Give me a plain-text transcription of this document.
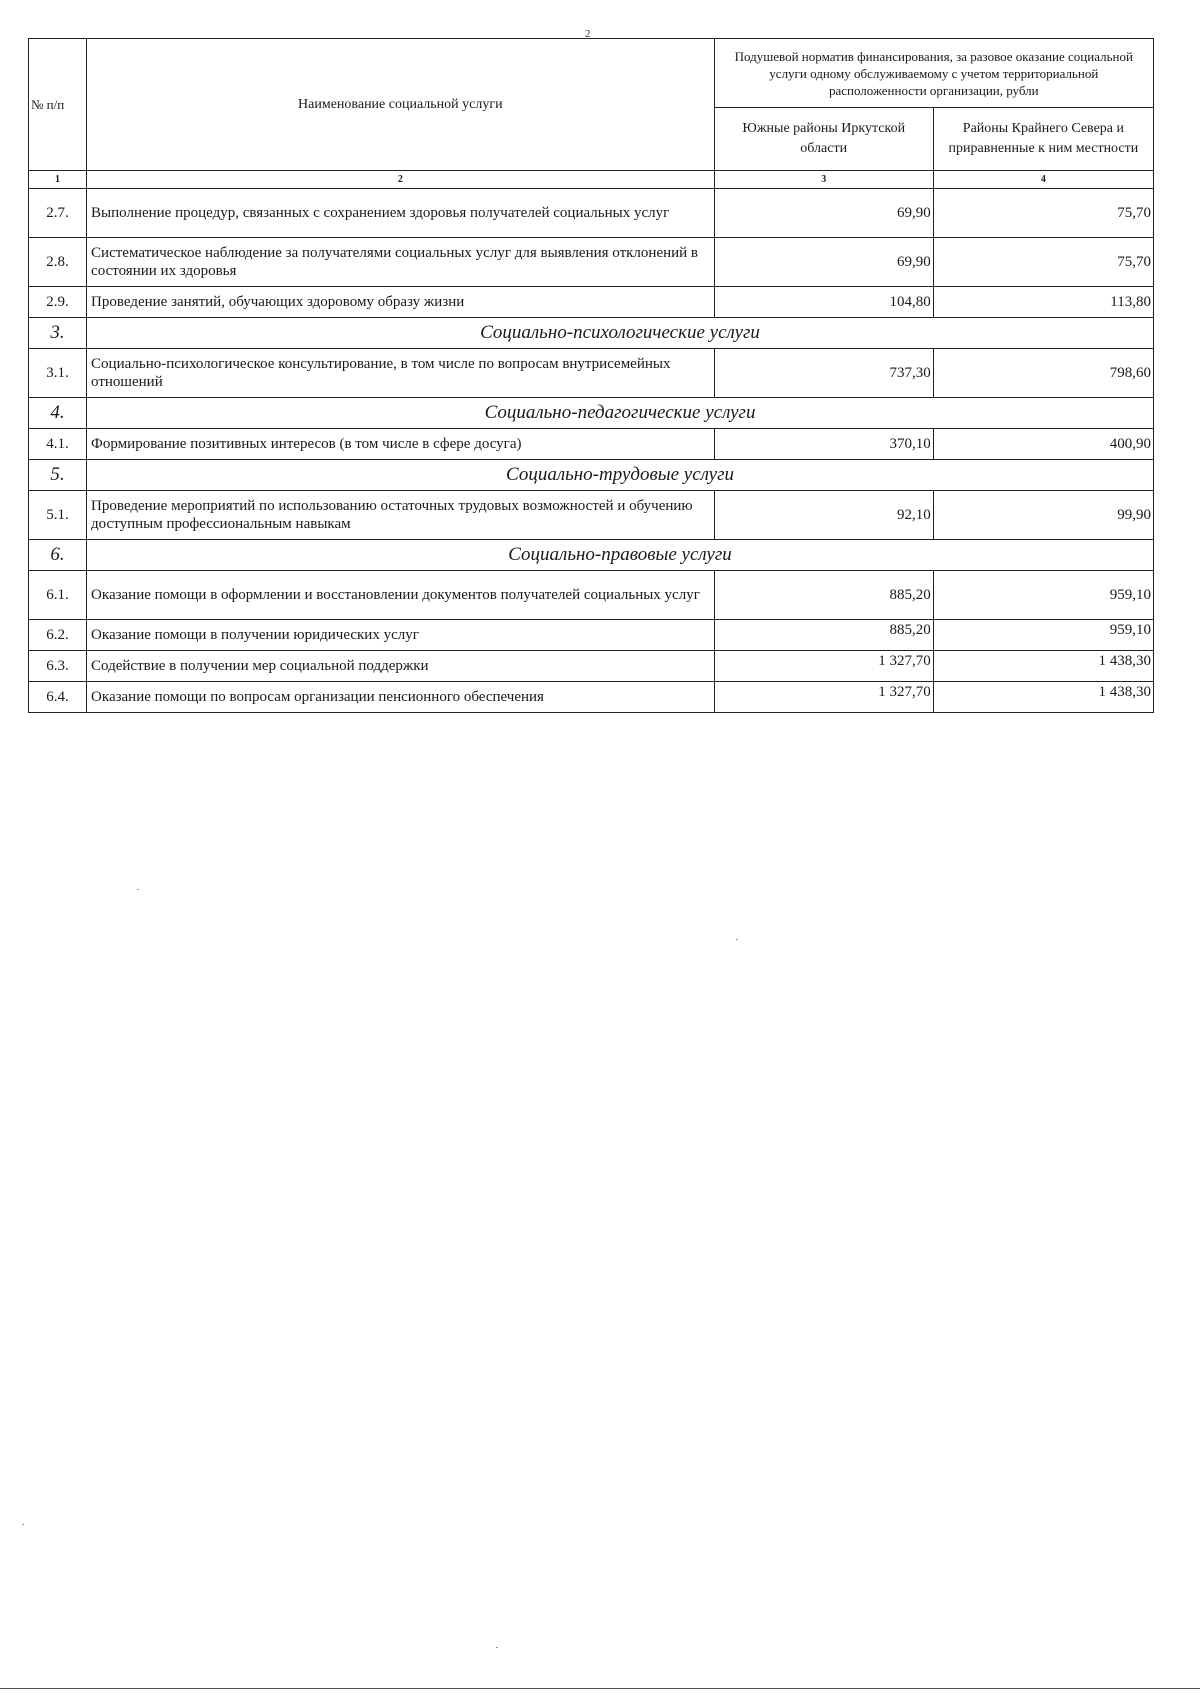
2
№ п/п	Наименование социальной услуги	Подушевой норматив финансирования, за разовое оказание социальной услуги одному обслуживаемому с учетом территориальной расположенности организации, рубли	
		Южные районы Иркутской области	Районы Крайнего Севера и приравненные к ним местности
1	2	3	4
2.7.	Выполнение процедур, связанных с сохранением здоровья получателей социальных услуг	69,90	75,70
2.8.	Систематическое наблюдение за получателями социальных услуг для выявления отклонений в состоянии их здоровья	69,90	75,70
2.9.	Проведение занятий, обучающих здоровому образу жизни	104,80	113,80
3.	Социально-психологические услуги		
3.1.	Социально-психологическое консультирование, в том числе по вопросам внутрисемейных отношений	737,30	798,60
4.	Социально-педагогические услуги		
4.1.	Формирование позитивных интересов (в том числе в сфере досуга)	370,10	400,90
5.	Социально-трудовые услуги		
5.1.	Проведение мероприятий по использованию остаточных трудовых возможностей и обучению доступным профессиональным навыкам	92,10	99,90
6.	Социально-правовые услуги		
6.1.	Оказание помощи в оформлении и восстановлении документов получателей социальных услуг	885,20	959,10
6.2.	Оказание помощи в получении юридических услуг	885,20	959,10
6.3.	Содействие в получении мер социальной поддержки	1 327,70	1 438,30
6.4.	Оказание помощи по вопросам организации пенсионного обеспечения	1 327,70	1 438,30
